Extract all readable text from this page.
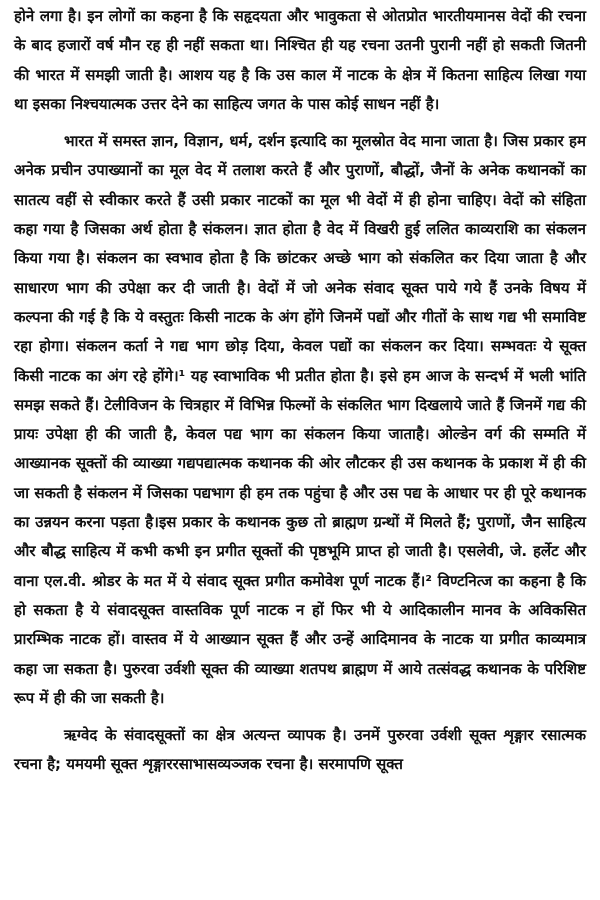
होने लगा है। इन लोगों का कहना है कि सहृदयता और भावुकता से ओतप्रोत भारतीयमानस वेदों की रचना के बाद हजारों वर्ष मौन रह ही नहीं सकता था। निश्चित ही यह रचना उतनी पुरानी नहीं हो सकती जितनी की भारत में समझी जाती है। आशय यह है कि उस काल में नाटक के क्षेत्र में कितना साहित्य लिखा गया था इसका निश्चयात्मक उत्तर देने का साहित्य जगत के पास कोई साधन नहीं है।

भारत में समस्त ज्ञान, विज्ञान, धर्म, दर्शन इत्यादि का मूलस्रोत वेद माना जाता है। जिस प्रकार हम अनेक प्रचीन उपाख्यानों का मूल वेद में तलाश करते हैं और पुराणों, बौद्धों, जैनों के अनेक कथानकों का सातत्य वहीं से स्वीकार करते हैं उसी प्रकार नाटकों का मूल भी वेदों में ही होना चाहिए। वेदों को संहिता कहा गया है जिसका अर्थ होता है संकलन। ज्ञात होता है वेद में विखरी हुई ललित काव्यराशि का संकलन किया गया है। संकलन का स्वभाव होता है कि छांटकर अच्छे भाग को संकलित कर दिया जाता है और साधारण भाग की उपेक्षा कर दी जाती है। वेदों में जो अनेक संवाद सूक्त पाये गये हैं उनके विषय में कल्पना की गई है कि ये वस्तुतः किसी नाटक के अंग होंगे जिनमें पद्यों और गीतों के साथ गद्य भी समाविष्ट रहा होगा। संकलन कर्ता ने गद्य भाग छोड़ दिया, केवल पद्यों का संकलन कर दिया। सम्भवतः ये सूक्त किसी नाटक का अंग रहे होंगे।¹ यह स्वाभाविक भी प्रतीत होता है। इसे हम आज के सन्दर्भ में भली भांति समझ सकते हैं। टेलीविजन के चित्रहार में विभिन्न फिल्मों के संकलित भाग दिखलाये जाते हैं जिनमें गद्य की प्रायः उपेक्षा ही की जाती है, केवल पद्य भाग का संकलन किया जाताहै। ओल्डेन वर्ग की सम्मति में आख्यानक सूक्तों की व्याख्या गद्यपद्यात्मक कथानक की ओर लौटकर ही उस कथानक के प्रकाश में ही की जा सकती है संकलन में जिसका पद्यभाग ही हम तक पहुंचा है और उस पद्य के आधार पर ही पूरे कथानक का उन्नयन करना पड़ता है।इस प्रकार के कथानक कुछ तो ब्राह्मण ग्रन्थों में मिलते हैं; पुराणों, जैन साहित्य और बौद्ध साहित्य में कभी कभी इन प्रगीत सूक्तों की पृष्ठभूमि प्राप्त हो जाती है। एसलेवी, जे. हर्लेट और वाना एल.वी. श्रोडर के मत में ये संवाद सूक्त प्रगीत कमोवेश पूर्ण नाटक हैं।² विण्टनित्ज का कहना है कि हो सकता है ये संवादसूक्त वास्तविक पूर्ण नाटक न हों फिर भी ये आदिकालीन मानव के अविकसित प्रारम्भिक नाटक हों। वास्तव में ये आख्यान सूक्त हैं और उन्हें आदिमानव के नाटक या प्रगीत काव्यमात्र कहा जा सकता है। पुरुरवा उर्वशी सूक्त की व्याख्या शतपथ ब्राह्मण में आये तत्संवद्ध कथानक के परिशिष्ट रूप में ही की जा सकती है।

ऋग्वेद के संवादसूक्तों का क्षेत्र अत्यन्त व्यापक है। उनमें पुरुरवा उर्वशी सूक्त शृङ्गार रसात्मक रचना है; यमयमी सूक्त शृङ्गाररसाभासव्यञ्जक रचना है। सरमापणि सूक्त
